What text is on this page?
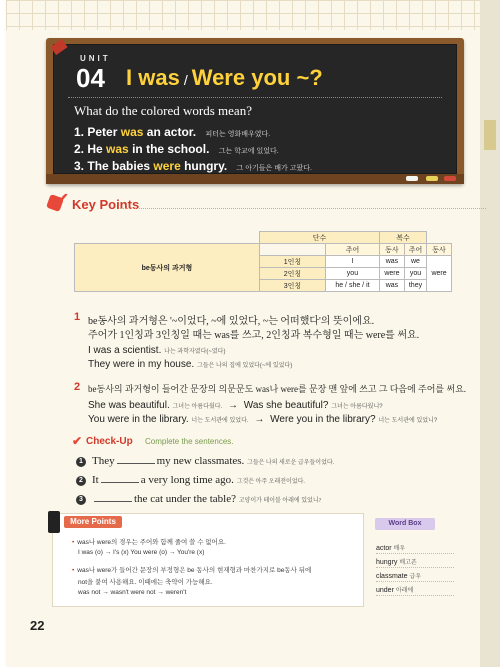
UNIT
04 I was / Were you ~?
What do the colored words mean?
1. Peter was an actor. 피터는 영화배우였다.
2. He was in the school. 그는 학교에 있었다.
3. The babies were hungry. 그 아기들은 배가 고팠다.
✔ Key Points
단수		복수		
be동사의 과거형	주어	동사	주어	동사
	1인칭	I	was	we	were
	2인칭	you	were	you	
	3인칭	he / she / it	was	they	
1 be동사의 과거형은 '~이었다, ~에 있었다, ~는 어떠했다'의 뜻이에요.
주어가 1인칭과 3인칭일 때는 was를 쓰고, 2인칭과 복수형일 때는 were를 써요.
I was a scientist. 나는 과학자였다(~였다)
They were in my house. 그들은 나의 집에 있었다(~에 있었다)
2 be동사의 과거형이 들어간 문장의 의문문도 was나 were를 문장 맨 앞에 쓰고 그 다음에 주어를 써요.
She was beautiful. 그녀는 아름다웠다. → Was she beautiful? 그녀는 아름다웠니?
You were in the library. 너는 도서관에 있었다. → Were you in the library? 너는 도서관에 있었니?
✔ Check-Up Complete the sentences.
1 They	my new classmates. 그들은 나의 새로운 급우들이었다.
2 It	a very long time ago. 그것은 아주 오래전이었다.
3	the cat under the table? 고양이가 테이블 아래에 있었니?
More Points
• was나 were의 경우는 주어와 함께 줄여 쓸 수 없어요.
I was (o) → I's (x) You were (o) → You're (x)
• was나 were가 들어간 문장의 부정형은 be 동사의 현재형과 마찬가지로 be동사 뒤에
not을 붙여 사용해요. 이때에는 축약이 가능해요.
was not → wasn't were not → weren't
Word Box
actor 배우
hungry 배고픈
classmate 급우
under 아래에
22
